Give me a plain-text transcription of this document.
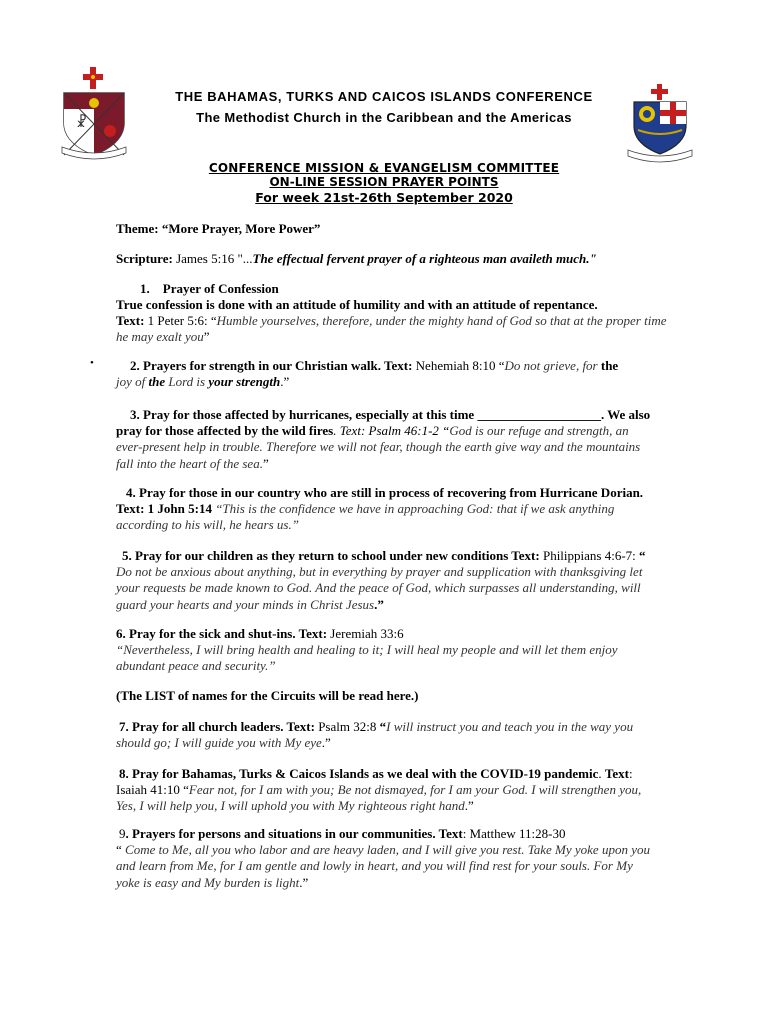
☧
THE BAHAMAS, TURKS AND CAICOS ISLANDS CONFERENCE
The Methodist Church in the Caribbean and the Americas
CONFERENCE MISSION & EVANGELISM COMMITTEE
ON-LINE SESSION PRAYER POINTS
For week 21st-26th September 2020
Theme: “More Prayer, More Power”
Scripture: James 5:16 "...The effectual fervent prayer of a righteous man availeth much."
1.    Prayer of Confession
True confession is done with an attitude of humility and with an attitude of repentance.
Text: 1 Peter 5:6: “Humble yourselves, therefore, under the mighty hand of God so that at the proper time he may exalt you”
•	2. Prayers for strength in our Christian walk. Text: Nehemiah 8:10 “Do not grieve, for the joy of the Lord is your strength.”
3. Pray for those affected by hurricanes, especially at this time ___________________. We also pray for those affected by the wild fires. Text: Psalm 46:1-2 “God is our refuge and strength, an ever-present help in trouble. Therefore we will not fear, though the earth give way and the mountains fall into the heart of the sea.”
4. Pray for those in our country who are still in process of recovering from Hurricane Dorian. Text: 1 John 5:14 “This is the confidence we have in approaching God: that if we ask anything according to his will, he hears us.”
5. Pray for our children as they return to school under new conditions Text: Philippians 4:6-7: “ Do not be anxious about anything, but in everything by prayer and supplication with thanksgiving let your requests be made known to God. And the peace of God, which surpasses all understanding, will guard your hearts and your minds in Christ Jesus.”
6. Pray for the sick and shut-ins. Text: Jeremiah 33:6
“Nevertheless, I will bring health and healing to it; I will heal my people and will let them enjoy abundant peace and security.”
(The LIST of names for the Circuits will be read here.)
7. Pray for all church leaders. Text: Psalm 32:8 “I will instruct you and teach you in the way you should go; I will guide you with My eye.”
8. Pray for Bahamas, Turks & Caicos Islands as we deal with the COVID-19 pandemic. Text: Isaiah 41:10 “Fear not, for I am with you; Be not dismayed, for I am your God. I will strengthen you, Yes, I will help you, I will uphold you with My righteous right hand.”
9. Prayers for persons and situations in our communities. Text: Matthew 11:28-30
“ Come to Me, all you who labor and are heavy laden, and I will give you rest. Take My yoke upon you and learn from Me, for I am gentle and lowly in heart, and you will find rest for your souls. For My yoke is easy and My burden is light.”
